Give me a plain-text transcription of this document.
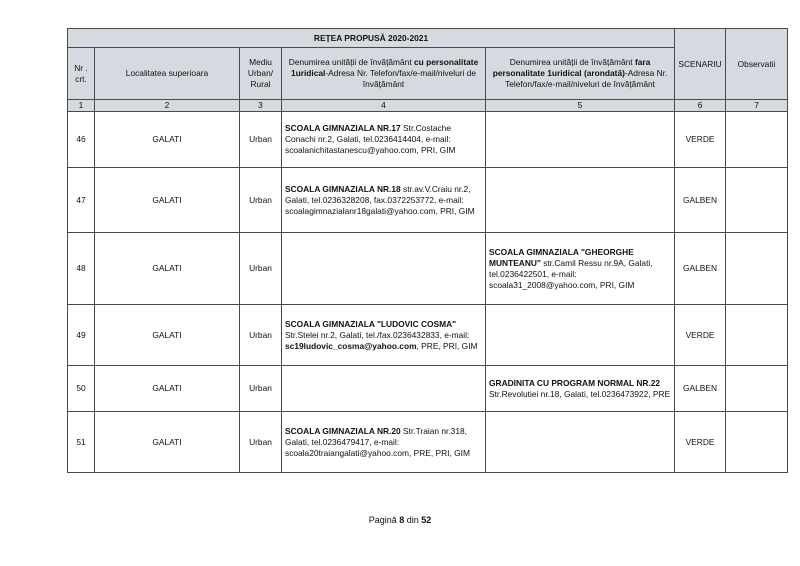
REȚEA PROPUSĂ 2020-2021					SCENARIU	Observatii
Nr . crt.	Localitatea superioara	Mediu Urban/ Rural	Denumirea unității de învățământ cu personalitate 1uridical-Adresa Nr. Telefon/fax/e-mail/niveluri de învățământ	Denumirea unității de învățământ fara personalitate 1uridical (arondată)-Adresa Nr. Telefon/fax/e-mail/niveluri de învățământ		
1	2	3	4	5	6	7
46	GALATI	Urban	SCOALA GIMNAZIALA NR.17 Str.Costache Conachi nr.2, Galati, tel.0236414404, e-mail: scoalanichitastanescu@yahoo.com, PRI, GIM		VERDE	
47	GALATI	Urban	SCOALA GIMNAZIALA NR.18 str.av.V.Craiu nr.2, Galati, tel.0236328208, fax.0372253772, e-mail: scoalagimnazialanr18galati@yahoo.com, PRI, GIM		GALBEN	
48	GALATI	Urban		SCOALA GIMNAZIALA "GHEORGHE MUNTEANU" str.Camil Ressu nr.9A, Galati, tel.0236422501, e-mail: scoala31_2008@yahoo.com, PRI, GIM	GALBEN	
49	GALATI	Urban	SCOALA GIMNAZIALA "LUDOVIC COSMA" Str.Stelei nr.2, Galati, tel./fax.0236432833, e-mail: sc19ludovic_cosma@yahoo.com, PRE, PRI, GIM		VERDE	
50	GALATI	Urban		GRADINITA CU PROGRAM NORMAL NR.22 Str.Revolutiei nr.18, Galati, tel.0236473922, PRE	GALBEN	
51	GALATI	Urban	SCOALA GIMNAZIALA NR.20 Str.Traian nr.318, Galati, tel.0236479417, e-mail: scoala20traiangalati@yahoo.com, PRE, PRI, GIM		VERDE	
Pagină 8 din 52
